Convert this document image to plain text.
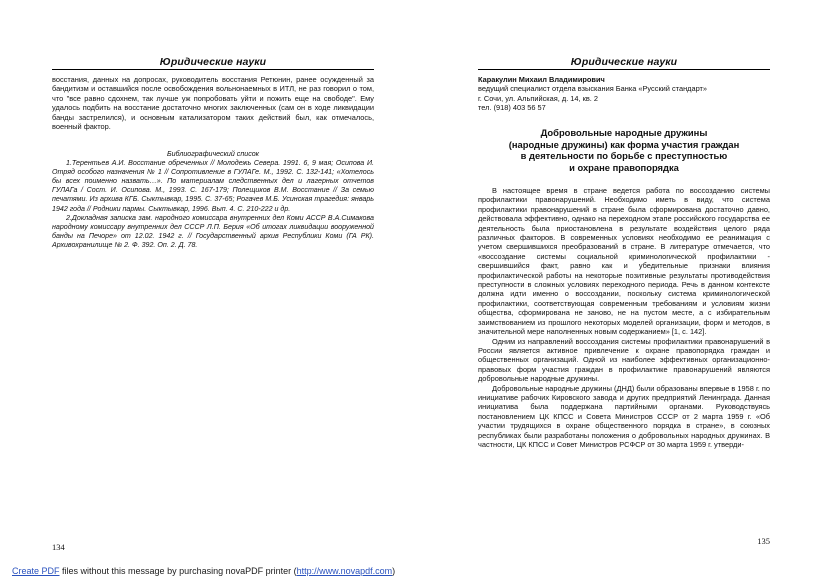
Юридические науки

восстания, данных на допросах, руководитель восстания Ретюнин, ранее осужденный за бандитизм и оставшийся после освобождения вольнонаемных в ИТЛ, не раз говорил о том, что "все равно сдохнем, так лучше уж попробовать уйти и пожить еще на свободе". Ему удалось подбить на восстание достаточно многих заключенных (сам он в ходе ликвидации банды застрелился), и основным катализатором таких действий был, как отмечалось, военный фактор.

Библиографический список

1.Терентьев А.И. Восстание обреченных // Молодежь Севера. 1991. 6, 9 мая; Осипова И. Отряд особого назначения № 1 // Сопротивление в ГУЛАГе. М., 1992. С. 132-141; «Хотелось бы всех поименно назвать…». По материалам следственных дел и лагерных отчетов ГУЛАГа / Сост. И. Осипова. М., 1993. С. 167-179; Полещиков В.М. Восстание // За семью печатями. Из архива КГБ. Сыктывкар, 1995. С. 37-65; Рогачев М.Б. Усинская трагедия: январь 1942 года // Родники пармы. Сыктывкар, 1996. Вып. 4. С. 210-222 и др.

2.Докладная записка зам. народного комиссара внутренних дел Коми АССР В.А.Симакова народному комиссару внутренних дел СССР Л.П. Берия «Об итогах ликвидации вооруженной банды на Печоре» от 12.02. 1942 г. // Государственный архив Республики Коми (ГА РК). Архивохранилище № 2. Ф. 392. Оп. 2. Д. 78.

134
Юридические науки
Каракулин Михаил Владимирович
ведущий специалист отдела взыскания Банка «Русский стандарт»
г. Сочи, ул. Альпийская, д. 14, кв. 2
тел. (918) 403 56 57
Добровольные народные дружины
(народные дружины) как форма участия граждан
в деятельности по борьбе с преступностью
и охране правопорядка

В настоящее время в стране ведется работа по воссозданию системы профилактики правонарушений. Необходимо иметь в виду, что система профилактики правонарушений в стране была сформирована достаточно давно, действовала эффективно, однако на переходном этапе российского государства ее деятельность была приостановлена в результате воздействия целого ряда различных факторов. В современных условиях необходимо ее реанимация с учетом свершившихся преобразований в стране. В литературе отмечается, что «воссоздание системы социальной криминологической профилактики - свершившийся факт, равно как и убедительные признаки влияния профилактической работы на некоторые позитивные результаты противодействия преступности в сложных условиях переходного периода. Речь в данном контексте должна идти именно о воссоздании, поскольку система криминологической профилактики, соответствующая современным требованиям и условиям жизни общества, сформирована не заново, не на пустом месте, а с избирательным заимствованием из прошлого некоторых моделей организации, форм и методов, в значительной мере наполненных новым содержанием» [1, с. 142].

Одним из направлений воссоздания системы профилактики правонарушений в России является активное привлечение к охране правопорядка граждан и общественных организаций. Одной из наиболее эффективных организационно-правовых форм участия граждан в профилактике правонарушений являются добровольные народные дружины.

Добровольные народные дружины (ДНД) были образованы впервые в 1958 г. по инициативе рабочих Кировского завода и других предприятий Ленинграда. Данная инициатива была поддержана партийными органами. Руководствуясь постановлением ЦК КПСС и Совета Министров СССР от 2 марта 1959 г. «Об участии трудящихся в охране общественного порядка в стране», в союзных республиках были разработаны положения о добровольных народных дружинах. В частности, ЦК КПСС и Совет Министров РСФСР от 30 марта 1959 г. утверди-

135
Create PDF files without this message by purchasing novaPDF printer (http://www.novapdf.com)
